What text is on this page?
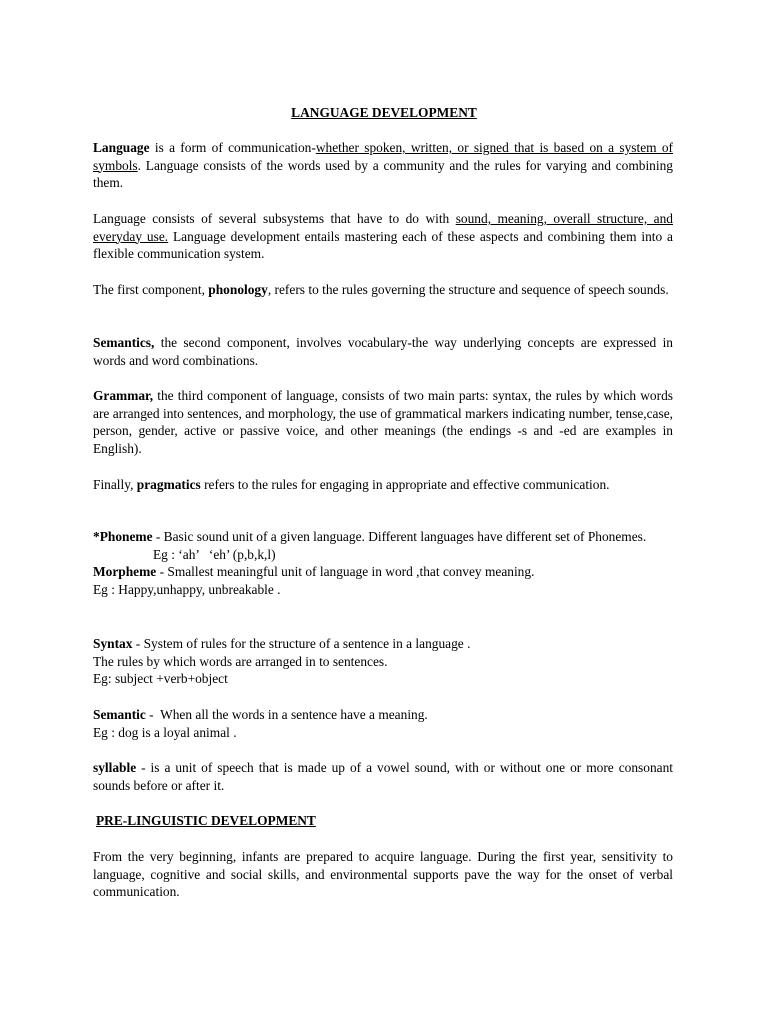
LANGUAGE DEVELOPMENT

Language is a form of communication-whether spoken, written, or signed that is based on a system of symbols. Language consists of the words used by a community and the rules for varying and combining them.

Language consists of several subsystems that have to do with sound, meaning, overall structure, and everyday use. Language development entails mastering each of these aspects and combining them into a flexible communication system.

The first component, phonology, refers to the rules governing the structure and sequence of speech sounds.

Semantics, the second component, involves vocabulary-the way underlying concepts are expressed in words and word combinations.

Grammar, the third component of language, consists of two main parts: syntax, the rules by which words are arranged into sentences, and morphology, the use of grammatical markers indicating number, tense,case, person, gender, active or passive voice, and other meanings (the endings -s and -ed are examples in English).

Finally, pragmatics refers to the rules for engaging in appropriate and effective communication.

*Phoneme - Basic sound unit of a given language. Different languages have different set of Phonemes.
Eg : ‘ah’   ‘eh’ (p,b,k,l)
Morpheme - Smallest meaningful unit of language in word ,that convey meaning.
Eg : Happy,unhappy, unbreakable .
Syntax - System of rules for the structure of a sentence in a language .
The rules by which words are arranged in to sentences.
Eg: subject +verb+object
Semantic -  When all the words in a sentence have a meaning.
Eg : dog is a loyal animal .

syllable - is a unit of speech that is made up of a vowel sound, with or without one or more consonant sounds before or after it.

PRE-LINGUISTIC DEVELOPMENT

From the very beginning, infants are prepared to acquire language. During the first year, sensitivity to language, cognitive and social skills, and environmental supports pave the way for the onset of verbal communication.
